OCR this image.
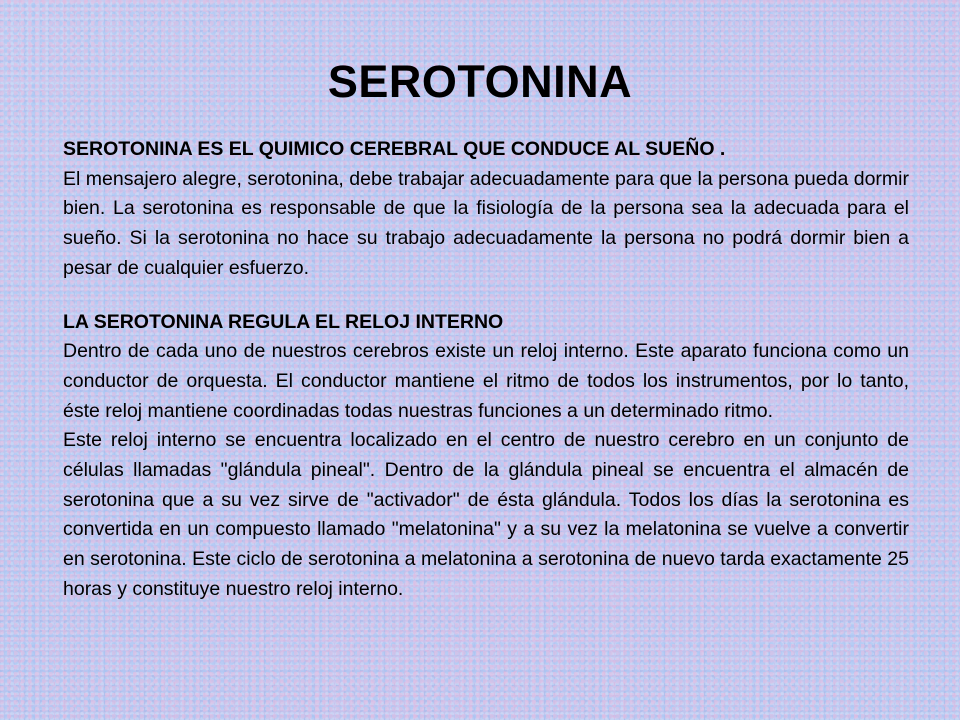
SEROTONINA

SEROTONINA ES EL QUIMICO CEREBRAL QUE CONDUCE AL SUEÑO .

El mensajero alegre, serotonina, debe trabajar adecuadamente para que la persona pueda dormir bien. La serotonina es responsable de que la fisiología de la persona sea la adecuada para el sueño. Si la serotonina no hace su trabajo adecuadamente la persona no podrá dormir bien a pesar de cualquier esfuerzo.

LA SEROTONINA REGULA EL RELOJ INTERNO

Dentro de cada uno de nuestros cerebros existe un reloj interno. Este aparato funciona como un conductor de orquesta. El conductor mantiene el ritmo de todos los instrumentos, por lo tanto, éste reloj mantiene coordinadas todas nuestras funciones a un determinado ritmo.

Este reloj interno se encuentra localizado en el centro de nuestro cerebro en un conjunto de células llamadas "glándula pineal". Dentro de la glándula pineal se encuentra el almacén de serotonina que a su vez sirve de "activador" de ésta glándula. Todos los días la serotonina es convertida en un compuesto llamado "melatonina" y a su vez la melatonina se vuelve a convertir en serotonina. Este ciclo de serotonina a melatonina a serotonina de nuevo tarda exactamente 25 horas y constituye nuestro reloj interno.
